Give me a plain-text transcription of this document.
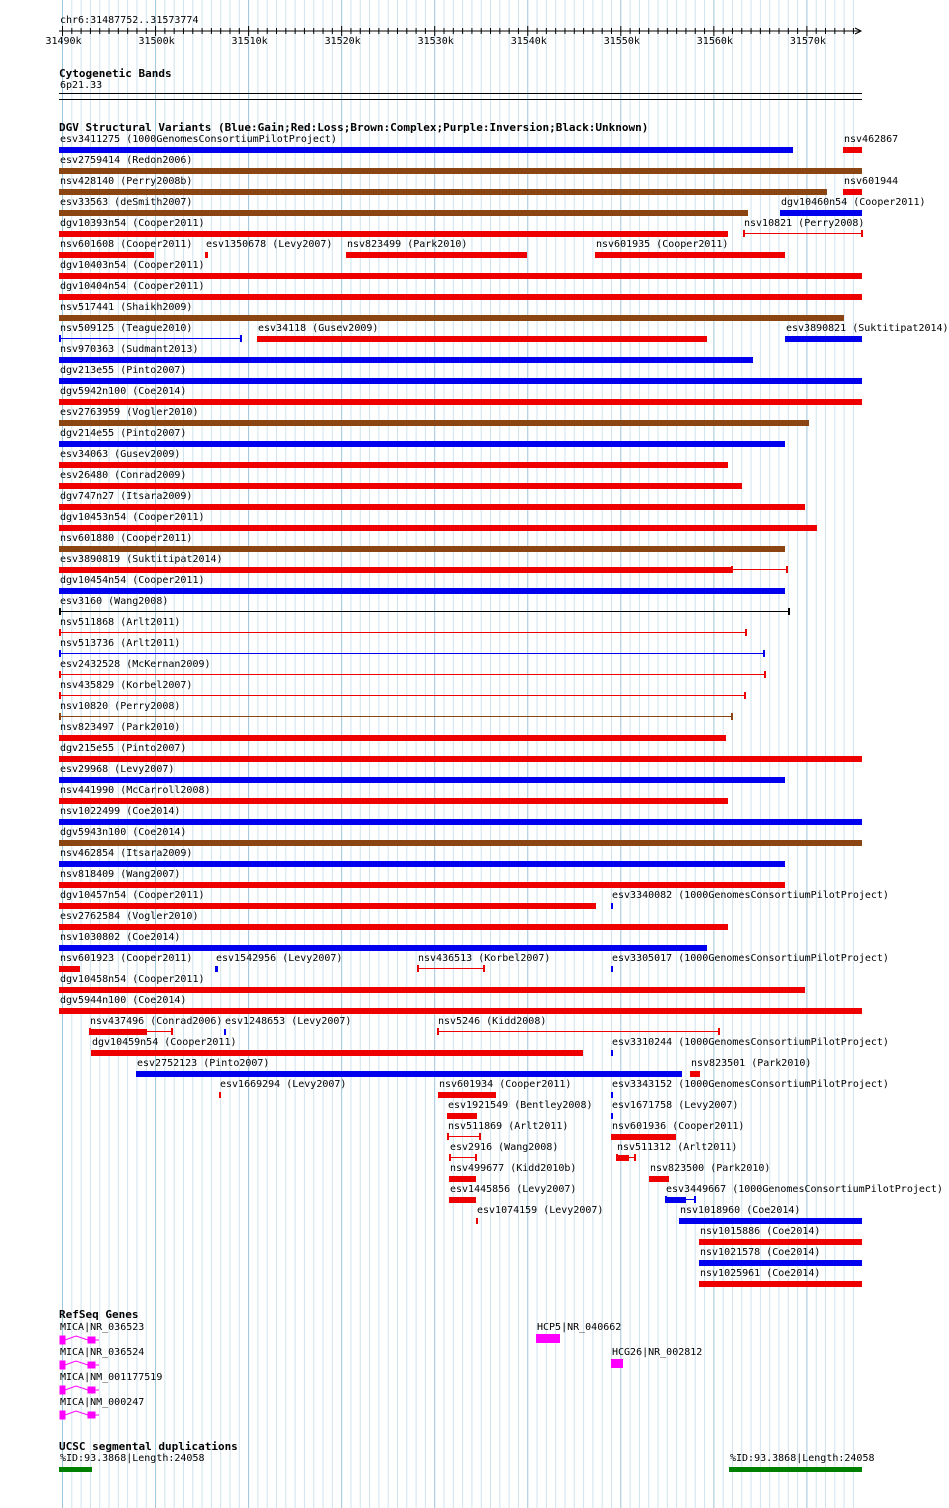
chr6:31487752..31573774
31490k	31500k	31510k	31520k	31530k	31540k	31550k	31560k	31570k
Cytogenetic Bands
6p21.33
DGV Structural Variants (Blue:Gain;Red:Loss;Brown:Complex;Purple:Inversion;Black:Unknown)
esv3411275 (1000GenomesConsortiumPilotProject)	nsv462867
esv2759414 (Redon2006)
nsv428140 (Perry2008b)	nsv601944
esv33563 (deSmith2007)	dgv10460n54 (Cooper2011)
dgv10393n54 (Cooper2011)	nsv10821 (Perry2008)
nsv601608 (Cooper2011) esv1350678 (Levy2007) nsv823499 (Park2010)	nsv601935 (Cooper2011)
dgv10403n54 (Cooper2011)
dgv10404n54 (Cooper2011)
nsv517441 (Shaikh2009)
nsv509125 (Teague2010)	esv34118 (Gusev2009)	esv3890821 (Suktitipat2014)
nsv970363 (Sudmant2013)
dgv213e55 (Pinto2007)
dgv5942n100 (Coe2014)
esv2763959 (Vogler2010)
dgv214e55 (Pinto2007)
esv34063 (Gusev2009)
esv26480 (Conrad2009)
dgv747n27 (Itsara2009)
dgv10453n54 (Cooper2011)
nsv601880 (Cooper2011)
esv3890819 (Suktitipat2014)
dgv10454n54 (Cooper2011)
esv3160 (Wang2008)
nsv511868 (Arlt2011)
nsv513736 (Arlt2011)
esv2432528 (McKernan2009)
nsv435829 (Korbel2007)
nsv10820 (Perry2008)
nsv823497 (Park2010)
dgv215e55 (Pinto2007)
esv29968 (Levy2007)
nsv441990 (McCarroll2008)
nsv1022499 (Coe2014)
dgv5943n100 (Coe2014)
nsv462854 (Itsara2009)
nsv818409 (Wang2007)
dgv10457n54 (Cooper2011)	esv3340082 (1000GenomesConsortiumPilotProject)
esv2762584 (Vogler2010)
nsv1030802 (Coe2014)
nsv601923 (Cooper2011) esv1542956 (Levy2007)	nsv436513 (Korbel2007)	esv3305017 (1000GenomesConsortiumPilotProject)
dgv10458n54 (Cooper2011)
dgv5944n100 (Coe2014)
nsv437496 (Conrad2006) esv1248653 (Levy2007)	nsv5246 (Kidd2008)
dgv10459n54 (Cooper2011)	esv3310244 (1000GenomesConsortiumPilotProject)
esv2752123 (Pinto2007)	nsv823501 (Park2010)
esv1669294 (Levy2007)	nsv601934 (Cooper2011)	esv3343152 (1000GenomesConsortiumPilotProject)
esv1921549 (Bentley2008) esv1671758 (Levy2007)
nsv511869 (Arlt2011)	nsv601936 (Cooper2011)
esv2916 (Wang2008)	nsv511312 (Arlt2011)
nsv499677 (Kidd2010b)	nsv823500 (Park2010)
esv1445856 (Levy2007)	esv3449667 (1000GenomesConsortiumPilotProject)
esv1074159 (Levy2007)	nsv1018960 (Coe2014)
nsv1015886 (Coe2014)
nsv1021578 (Coe2014)
nsv1025961 (Coe2014)
RefSeq Genes
MICA|NR_036523	HCP5|NR_040662
MICA|NR_036524	HCG26|NR_002812
MICA|NM_001177519
MICA|NM_000247
UCSC segmental duplications
%ID:93.3868|Length:24058	%ID:93.3868|Length:24058
